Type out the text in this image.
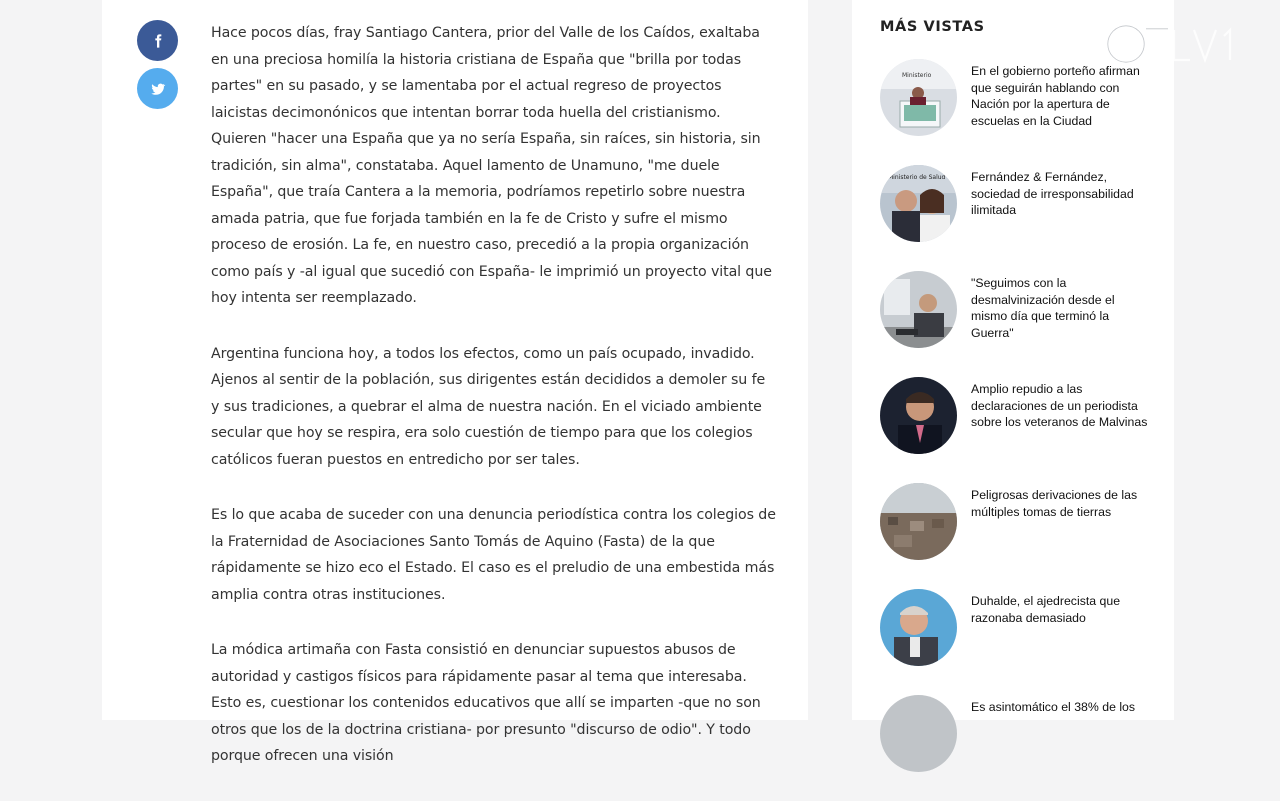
Hace pocos días, fray Santiago Cantera, prior del Valle de los Caídos, exaltaba en una preciosa homilía la historia cristiana de España que "brilla por todas partes" en su pasado, y se lamentaba por el actual regreso de proyectos laicistas decimonónicos que intentan borrar toda huella del cristianismo. Quieren "hacer una España que ya no sería España, sin raíces, sin historia, sin tradición, sin alma", constataba. Aquel lamento de Unamuno, "me duele España", que traía Cantera a la memoria, podríamos repetirlo sobre nuestra amada patria, que fue forjada también en la fe de Cristo y sufre el mismo proceso de erosión. La fe, en nuestro caso, precedió a la propia organización como país y -al igual que sucedió con España- le imprimió un proyecto vital que hoy intenta ser reemplazado.

Argentina funciona hoy, a todos los efectos, como un país ocupado, invadido. Ajenos al sentir de la población, sus dirigentes están decididos a demoler su fe y sus tradiciones, a quebrar el alma de nuestra nación. En el viciado ambiente secular que hoy se respira, era solo cuestión de tiempo para que los colegios católicos fueran puestos en entredicho por ser tales.

Es lo que acaba de suceder con una denuncia periodística contra los colegios de la Fraternidad de Asociaciones Santo Tomás de Aquino (Fasta) de la que rápidamente se hizo eco el Estado. El caso es el preludio de una embestida más amplia contra otras instituciones.

La módica artimaña con Fasta consistió en denunciar supuestos abusos de autoridad y castigos físicos para rápidamente pasar al tema que interesaba. Esto es, cuestionar los contenidos educativos que allí se imparten -que no son otros que los de la doctrina cristiana- por presunto "discurso de odio". Y todo porque ofrecen una visión

MÁS VISTAS
Ministerio	En el gobierno porteño afirman que seguirán hablando con Nación por la apertura de escuelas en la Ciudad
Ministerio de Salud Fernández & Fernández, sociedad de irresponsabilidad ilimitada
"Seguimos con la desmalvinización desde el mismo día que terminó la Guerra"
Amplio repudio a las declaraciones de un periodista sobre los veteranos de Malvinas
Peligrosas derivaciones de las múltiples tomas de tierras
Duhalde, el ajedrecista que razonaba demasiado
Es asintomático el 38% de los
